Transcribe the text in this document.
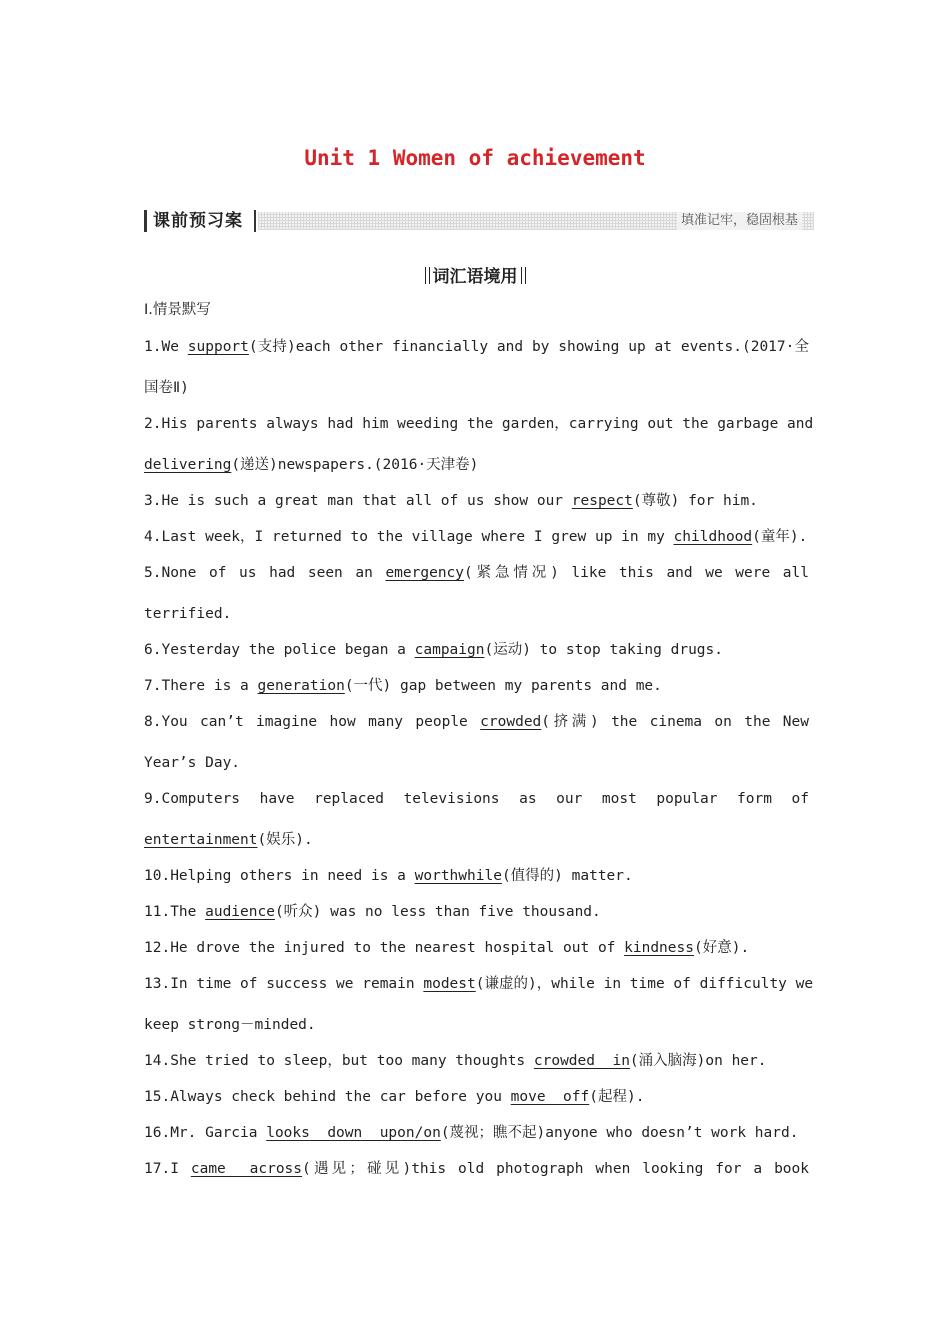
Unit 1 Women of achievement
课前预习案	填准记牢，稳固根基
词汇语境用
Ⅰ.情景默写
1.We support(支持)each other financially and by showing up at events.(2017·全
国卷Ⅱ)
2.His parents always had him weeding the garden，carrying out the garbage and
delivering(递送)newspapers.(2016·天津卷)
3.He is such a great man that all of us show our respect(尊敬) for him.
4.Last week，I returned to the village where I grew up in my childhood(童年).
5.None of us had seen an emergency(紧急情况) like this and we were all
terrified.
6.Yesterday the police began a campaign(运动) to stop taking drugs.
7.There is a generation(一代) gap between my parents and me.
8.You can’t imagine how many people crowded(挤满) the cinema on the New
Year’s Day.
9.Computers have replaced televisions as our most popular form of
entertainment(娱乐).
10.Helping others in need is a worthwhile(值得的) matter.
11.The audience(听众) was no less than five thousand.
12.He drove the injured to the nearest hospital out of kindness(好意).
13.In time of success we remain modest(谦虚的)，while in time of difficulty we
keep strong－minded.
14.She tried to sleep，but too many thoughts crowded  in(涌入脑海)on her.
15.Always check behind the car before you move  off(起程).
16.Mr. Garcia looks  down  upon/on(蔑视；瞧不起)anyone who doesn’t work hard.
17.I came  across(遇见；碰见)this old photograph when looking for a book
